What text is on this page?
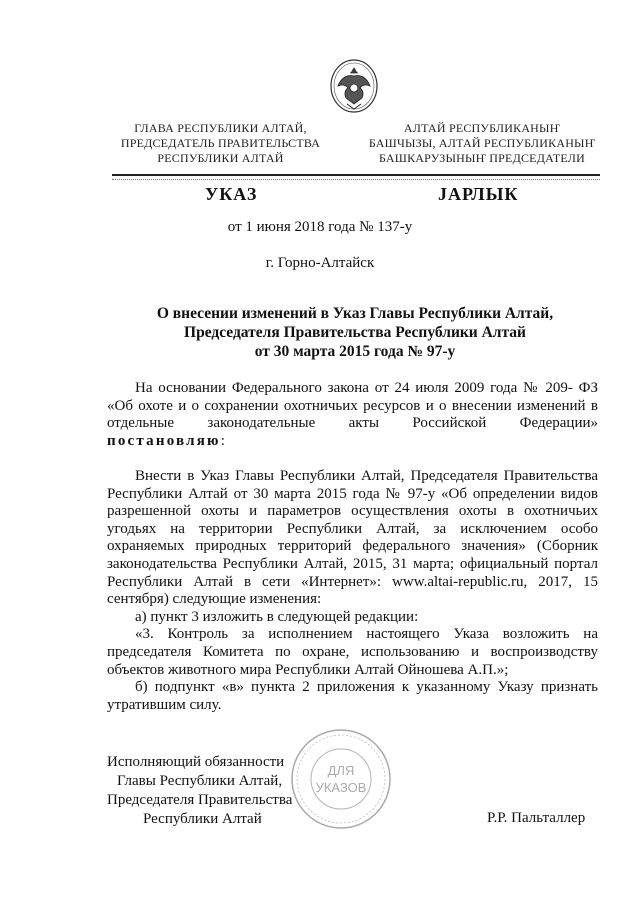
ГЛАВА РЕСПУБЛИКИ АЛТАЙ,
ПРЕДСЕДАТЕЛЬ ПРАВИТЕЛЬСТВА
РЕСПУБЛИКИ АЛТАЙ
АЛТАЙ РЕСПУБЛИКАНЫҤ
БАШЧЫЗЫ, АЛТАЙ РЕСПУБЛИКАНЫҤ
БАШКАРУЗЫНЫҤ ПРЕДСЕДАТЕЛИ
УКАЗ	JАРЛЫК
от 1 июня 2018 года № 137-у
г. Горно-Алтайск
О внесении изменений в Указ Главы Республики Алтай,
Председателя Правительства Республики Алтай
от 30 марта 2015 года № 97-у

На основании Федерального закона от 24 июля 2009 года № 209- ФЗ «Об охоте и о сохранении охотничьих ресурсов и о внесении изменений в отдельные законодательные акты Российской Федерации» постановляю:

Внести в Указ Главы Республики Алтай, Председателя Правительства Республики Алтай от 30 марта 2015 года № 97-у «Об определении видов разрешенной охоты и параметров осуществления охоты в охотничьих угодьях на территории Республики Алтай, за исключением особо охраняемых природных территорий федерального значения» (Сборник законодательства Республики Алтай, 2015, 31 марта; официальный портал Республики Алтай в сети «Интернет»: www.altai-republic.ru, 2017, 15 сентября) следующие изменения:

а) пункт 3 изложить в следующей редакции:

«3. Контроль за исполнением настоящего Указа возложить на председателя Комитета по охране, использованию и воспроизводству объектов животного мира Республики Алтай Ойношева А.П.»;

б) подпункт «в» пункта 2 приложения к указанному Указу признать утратившим силу.

Исполняющий обязанности
Главы Республики Алтай,
Председателя Правительства
Республики Алтай	Р.Р. Пальталлер
ДЛЯ
УКАЗОВ
